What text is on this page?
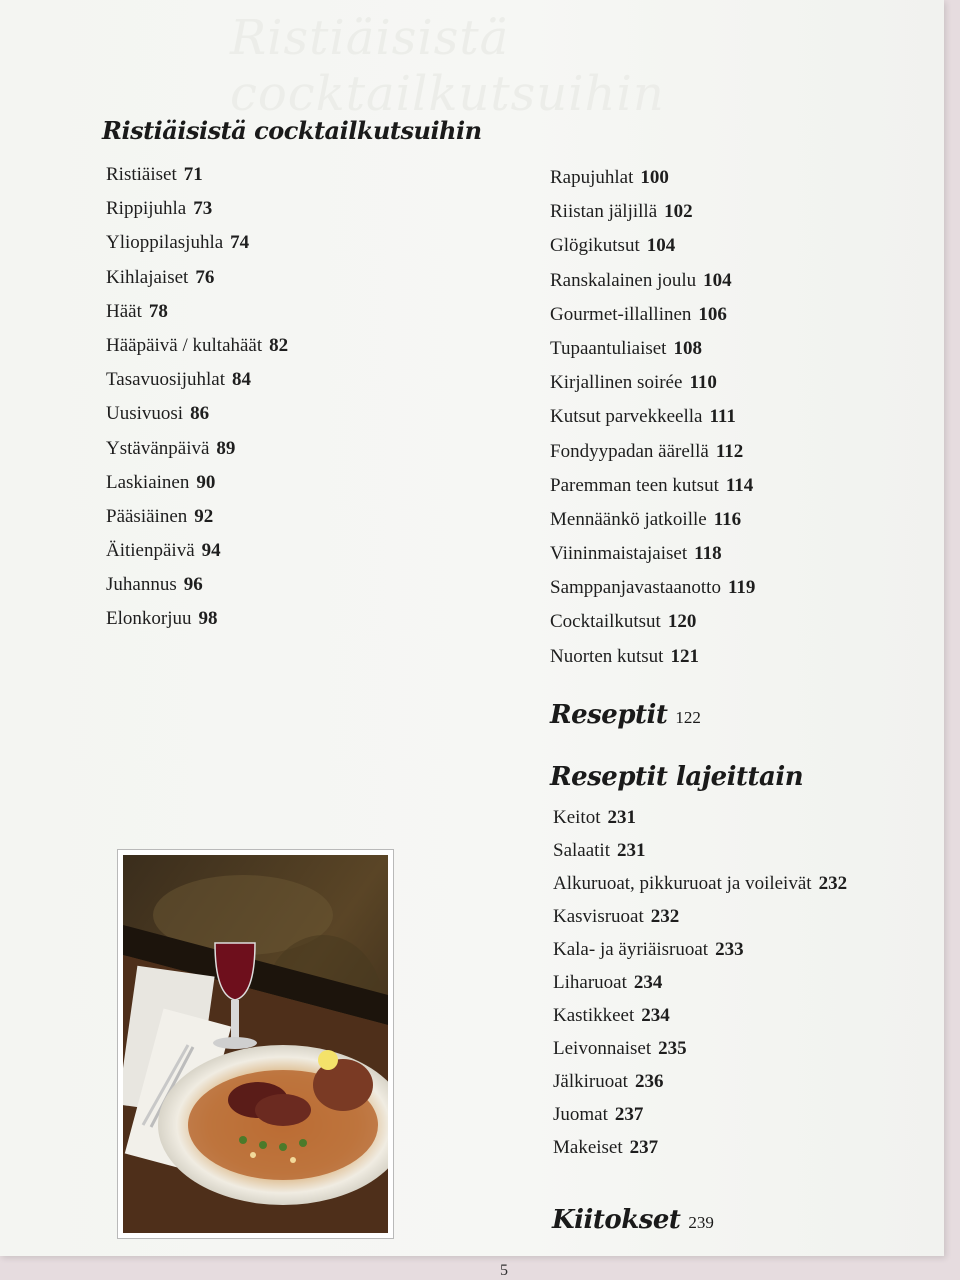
Ristiäisistä cocktailkutsuihin
Ristiäisistä cocktailkutsuihin
Ristiäiset 71
Rippijuhla 73
Ylioppilasjuhla 74
Kihlajaiset 76
Häät 78
Hääpäivä / kultahäät 82
Tasavuosijuhlat 84
Uusivuosi 86
Ystävänpäivä 89
Laskiainen 90
Pääsiäinen 92
Äitienpäivä 94
Juhannus 96
Elonkorjuu 98
Rapujuhlat 100
Riistan jäljillä 102
Glögikutsut 104
Ranskalainen joulu 104
Gourmet-illallinen 106
Tupaantuliaiset 108
Kirjallinen soirée 110
Kutsut parvekkeella 111
Fondyypadan äärellä 112
Paremman teen kutsut 114
Mennäänkö jatkoille 116
Viininmaistajaiset 118
Samppanjavastaanotto 119
Cocktailkutsut 120
Nuorten kutsut 121
Reseptit 122
Reseptit lajeittain
Keitot 231
Salaatit 231
Alkuruoat, pikkuruoat ja voileivät 232
Kasvisruoat 232
Kala- ja äyriäisruoat 233
Liharuoat 234
Kastikkeet 234
Leivonnaiset 235
Jälkiruoat 236
Juomat 237
Makeiset 237
Kiitokset 239
5
